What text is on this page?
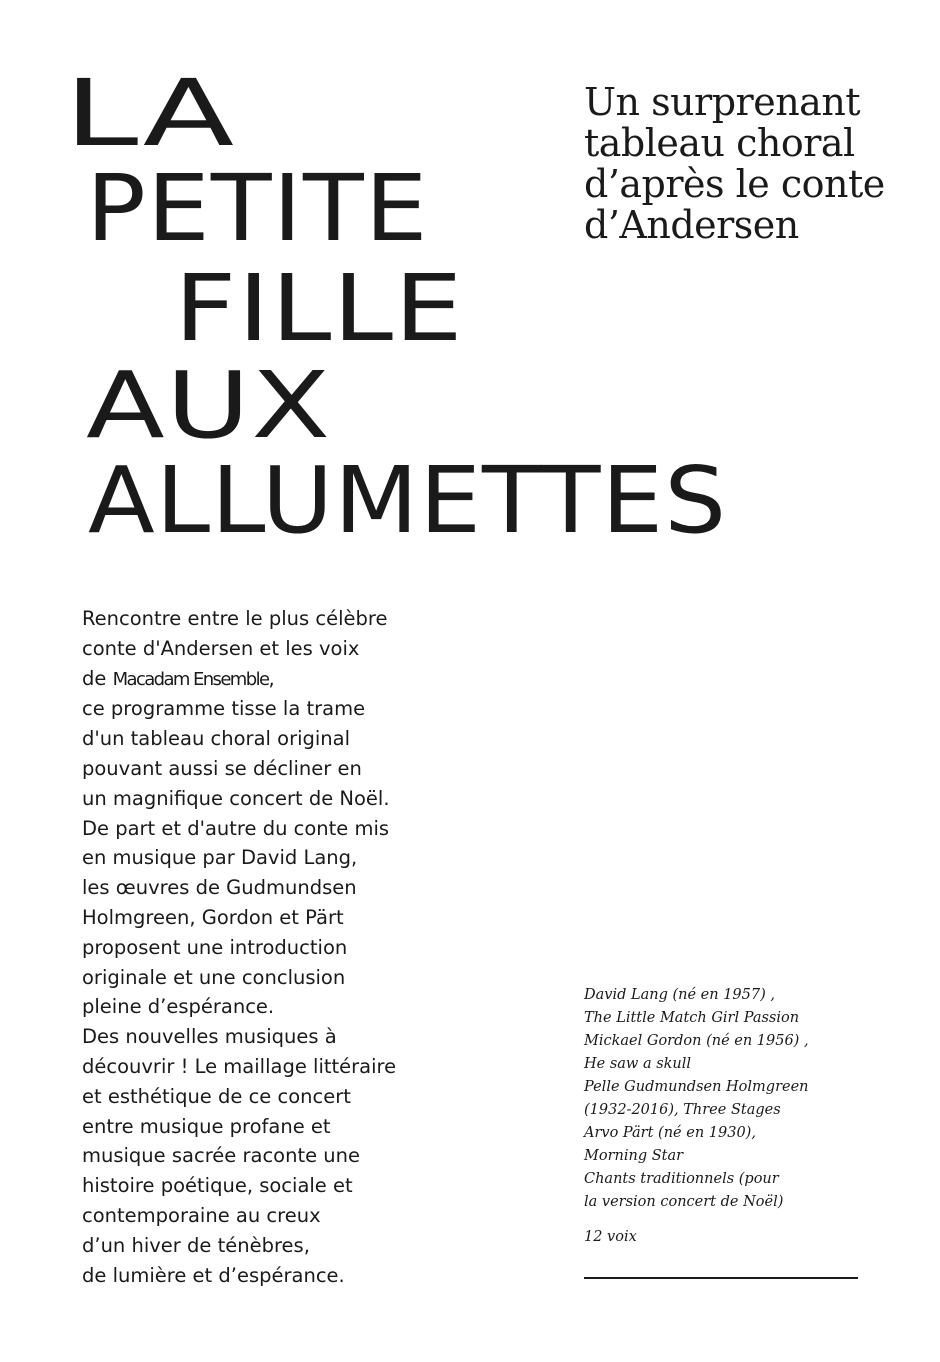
LA
PETITE
FILLE
AUX
ALLUMETTES
Un surprenant
tableau choral
d’après le conte
d’Andersen
Rencontre entre le plus célèbre
conte d'Andersen et les voix
de Macadam Ensemble,
ce programme tisse la trame
d'un tableau choral original
pouvant aussi se décliner en
un magnifique concert de Noël.
De part et d'autre du conte mis
en musique par David Lang,
les œuvres de Gudmundsen
Holmgreen, Gordon et Pärt
proposent une introduction
originale et une conclusion
pleine d’espérance.
Des nouvelles musiques à
découvrir ! Le maillage littéraire
et esthétique de ce concert
entre musique profane et
musique sacrée raconte une
histoire poétique, sociale et
contemporaine au creux
d’un hiver de ténèbres,
de lumière et d’espérance.
David Lang (né en 1957) ,
The Little Match Girl Passion
Mickael Gordon (né en 1956) ,
He saw a skull
Pelle Gudmundsen Holmgreen
(1932-2016), Three Stages
Arvo Pärt (né en 1930),
Morning Star
Chants traditionnels (pour
la version concert de Noël)
12 voix
